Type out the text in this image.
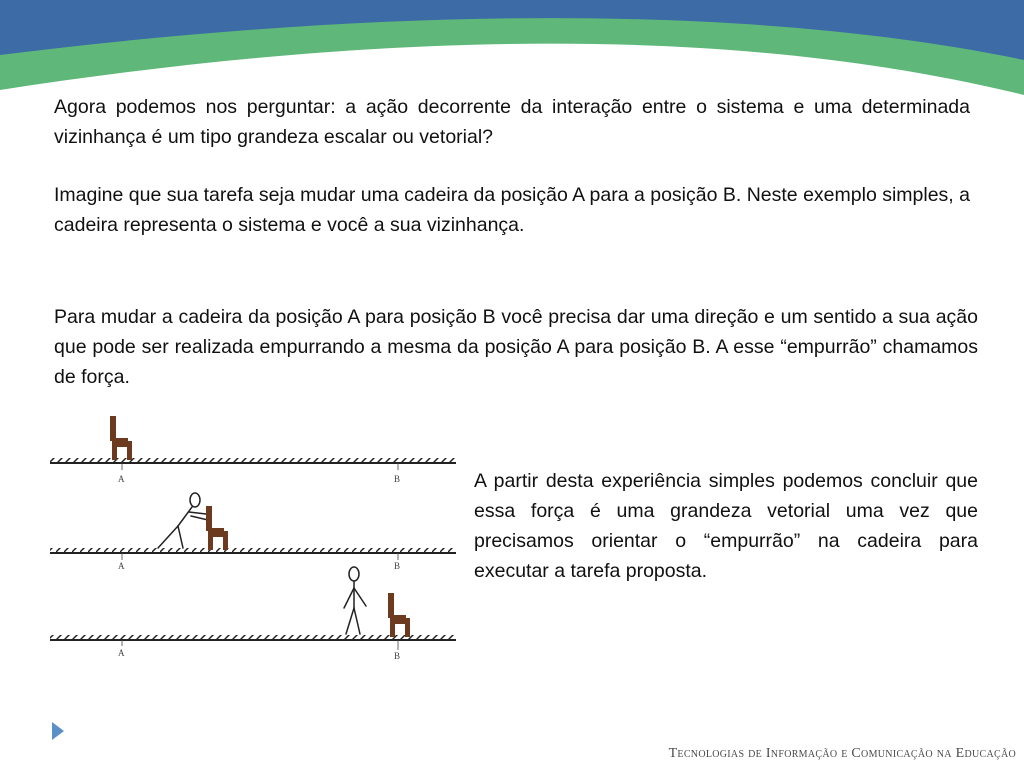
Agora podemos nos perguntar: a ação decorrente da interação entre o sistema e uma determinada vizinhança é um tipo grandeza escalar ou vetorial?

Imagine que sua tarefa seja mudar uma cadeira da posição A para a posição B. Neste exemplo simples, a cadeira representa o sistema e você a sua vizinhança.

Para mudar a cadeira da posição A para posição B você precisa dar uma direção e um sentido a sua ação que pode ser realizada empurrando a mesma da posição A para posição B. A esse “empurrão” chamamos de força.

A	B
A	B
A	B

A partir desta experiência simples podemos concluir que essa força é uma grandeza vetorial uma vez que precisamos orientar o “empurrão” na cadeira para executar a tarefa proposta.

Tecnologias de Informação e Comunicação na Educação
